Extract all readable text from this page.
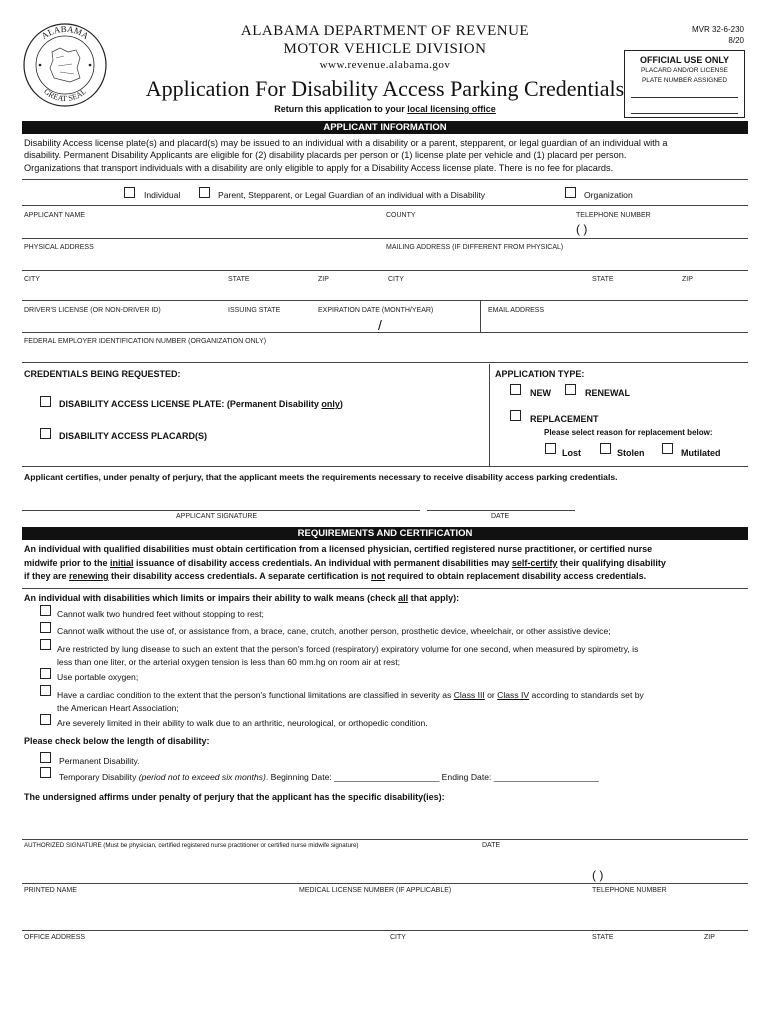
ALABAMA
GREAT SEAL
ALABAMA DEPARTMENT OF REVENUE
MOTOR VEHICLE DIVISION
www.revenue.alabama.gov
MVR 32-6-230
8/20
OFFICIAL USE ONLY
PLACARD AND/OR LICENSE
PLATE NUMBER ASSIGNED
Application For Disability Access Parking Credentials
Return this application to your local licensing office
APPLICANT INFORMATION
Disability Access license plate(s) and placard(s) may be issued to an individual with a disability or a parent, stepparent, or legal guardian of an individual with a
disability. Permanent Disability Applicants are eligible for (2) disability placards per person or (1) license plate per vehicle and (1) placard per person.
Organizations that transport individuals with a disability are only eligible to apply for a Disability Access license plate. There is no fee for placards.
Individual	Parent, Stepparent, or Legal Guardian of an individual with a Disability	Organization
APPLICANT NAME	COUNTY	TELEPHONE NUMBER
( )
PHYSICAL ADDRESS	MAILING ADDRESS (IF DIFFERENT FROM PHYSICAL)
CITY	STATE	ZIP	CITY	STATE	ZIP
DRIVER'S LICENSE (OR NON-DRIVER ID)	ISSUING STATE	EXPIRATION DATE (MONTH/YEAR)
/
EMAIL ADDRESS
FEDERAL EMPLOYER IDENTIFICATION NUMBER (ORGANIZATION ONLY)
CREDENTIALS BEING REQUESTED:
DISABILITY ACCESS LICENSE PLATE: (Permanent Disability only)
DISABILITY ACCESS PLACARD(S)
APPLICATION TYPE:
NEW	RENEWAL
REPLACEMENT
Please select reason for replacement below:
Lost	Stolen	Mutilated
Applicant certifies, under penalty of perjury, that the applicant meets the requirements necessary to receive disability access parking credentials.
APPLICANT SIGNATURE	DATE
REQUIREMENTS AND CERTIFICATION
An individual with qualified disabilities must obtain certification from a licensed physician, certified registered nurse practitioner, or certified nurse
midwife prior to the initial issuance of disability access credentials. An individual with permanent disabilities may self-certify their qualifying disability
if they are renewing their disability access credentials. A separate certification is not required to obtain replacement disability access credentials.
An individual with disabilities which limits or impairs their ability to walk means (check all that apply):
Cannot walk two hundred feet without stopping to rest;
Cannot walk without the use of, or assistance from, a brace, cane, crutch, another person, prosthetic device, wheelchair, or other assistive device;
Are restricted by lung disease to such an extent that the person's forced (respiratory) expiratory volume for one second, when measured by spirometry, is
less than one liter, or the arterial oxygen tension is less than 60 mm.hg on room air at rest;
Use portable oxygen;
Have a cardiac condition to the extent that the person's functional limitations are classified in severity as Class III or Class IV according to standards set by
the American Heart Association;
Are severely limited in their ability to walk due to an arthritic, neurological, or orthopedic condition.
Please check below the length of disability:
Permanent Disability.
Temporary Disability (period not to exceed six months). Beginning Date: ______________________ Ending Date: ______________________
The undersigned affirms under penalty of perjury that the applicant has the specific disability(ies):
AUTHORIZED SIGNATURE (Must be physician, certified registered nurse practitioner or certified nurse midwife signature)	DATE
( )
PRINTED NAME	MEDICAL LICENSE NUMBER (IF APPLICABLE)	TELEPHONE NUMBER
OFFICE ADDRESS	CITY	STATE	ZIP
